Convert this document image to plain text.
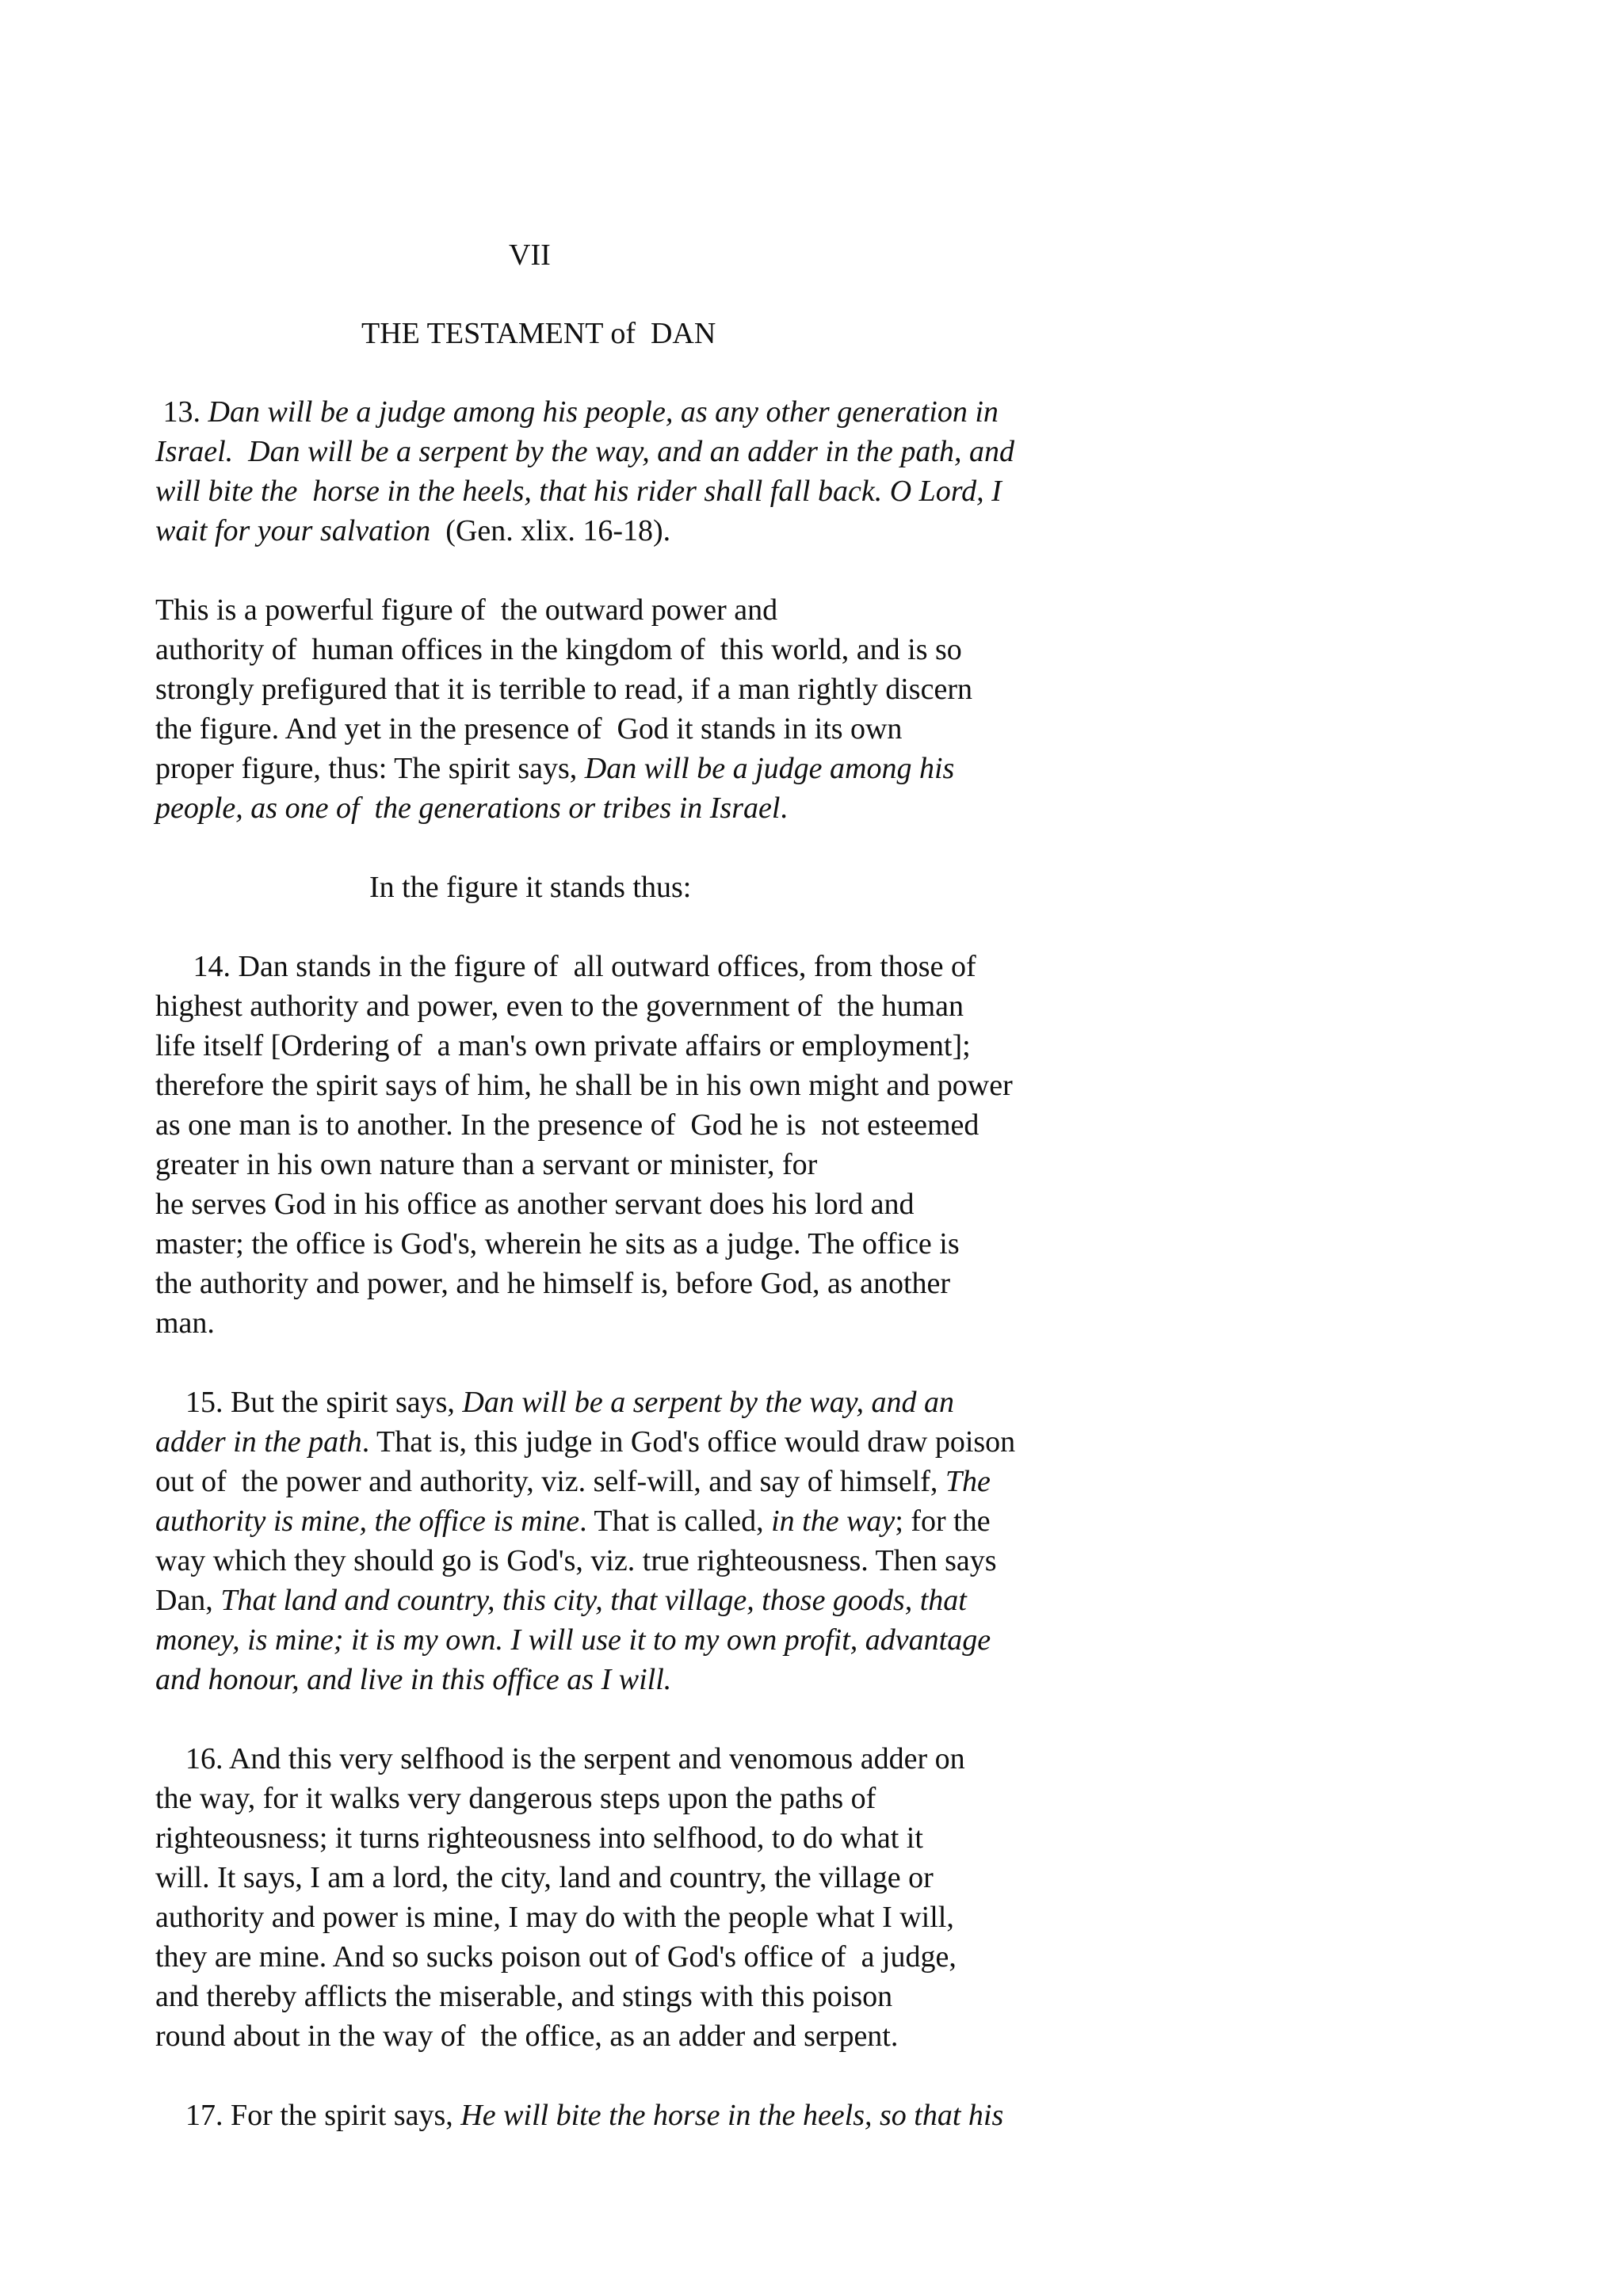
VII
THE TESTAMENT of  DAN
13. Dan will be a judge among his people, as any other generation in
Israel.  Dan will be a serpent by the way, and an adder in the path, and
will bite the  horse in the heels, that his rider shall fall back. O Lord, I
wait for your salvation  (Gen. xlix. 16-18).
This is a powerful figure of  the outward power and
authority of  human offices in the kingdom of  this world, and is so
strongly prefigured that it is terrible to read, if a man rightly discern
the figure. And yet in the presence of  God it stands in its own
proper figure, thus: The spirit says, Dan will be a judge among his
people, as one of  the generations or tribes in Israel.
In the figure it stands thus:
14. Dan stands in the figure of  all outward offices, from those of
highest authority and power, even to the government of  the human
life itself [Ordering of  a man's own private affairs or employment];
therefore the spirit says of him, he shall be in his own might and power
as one man is to another. In the presence of  God he is  not esteemed
greater in his own nature than a servant or minister, for
he serves God in his office as another servant does his lord and
master; the office is God's, wherein he sits as a judge. The office is
the authority and power, and he himself is, before God, as another
man.
15. But the spirit says, Dan will be a serpent by the way, and an
adder in the path. That is, this judge in God's office would draw poison
out of  the power and authority, viz. self-will, and say of himself, The
authority is mine, the office is mine. That is called, in the way; for the
way which they should go is God's, viz. true righteousness. Then says
Dan, That land and country, this city, that village, those goods, that
money, is mine; it is my own. I will use it to my own profit, advantage
and honour, and live in this office as I will.
16. And this very selfhood is the serpent and venomous adder on
the way, for it walks very dangerous steps upon the paths of
righteousness; it turns righteousness into selfhood, to do what it
will. It says, I am a lord, the city, land and country, the village or
authority and power is mine, I may do with the people what I will,
they are mine. And so sucks poison out of God's office of  a judge,
and thereby afflicts the miserable, and stings with this poison
round about in the way of  the office, as an adder and serpent.
17. For the spirit says, He will bite the horse in the heels, so that his
